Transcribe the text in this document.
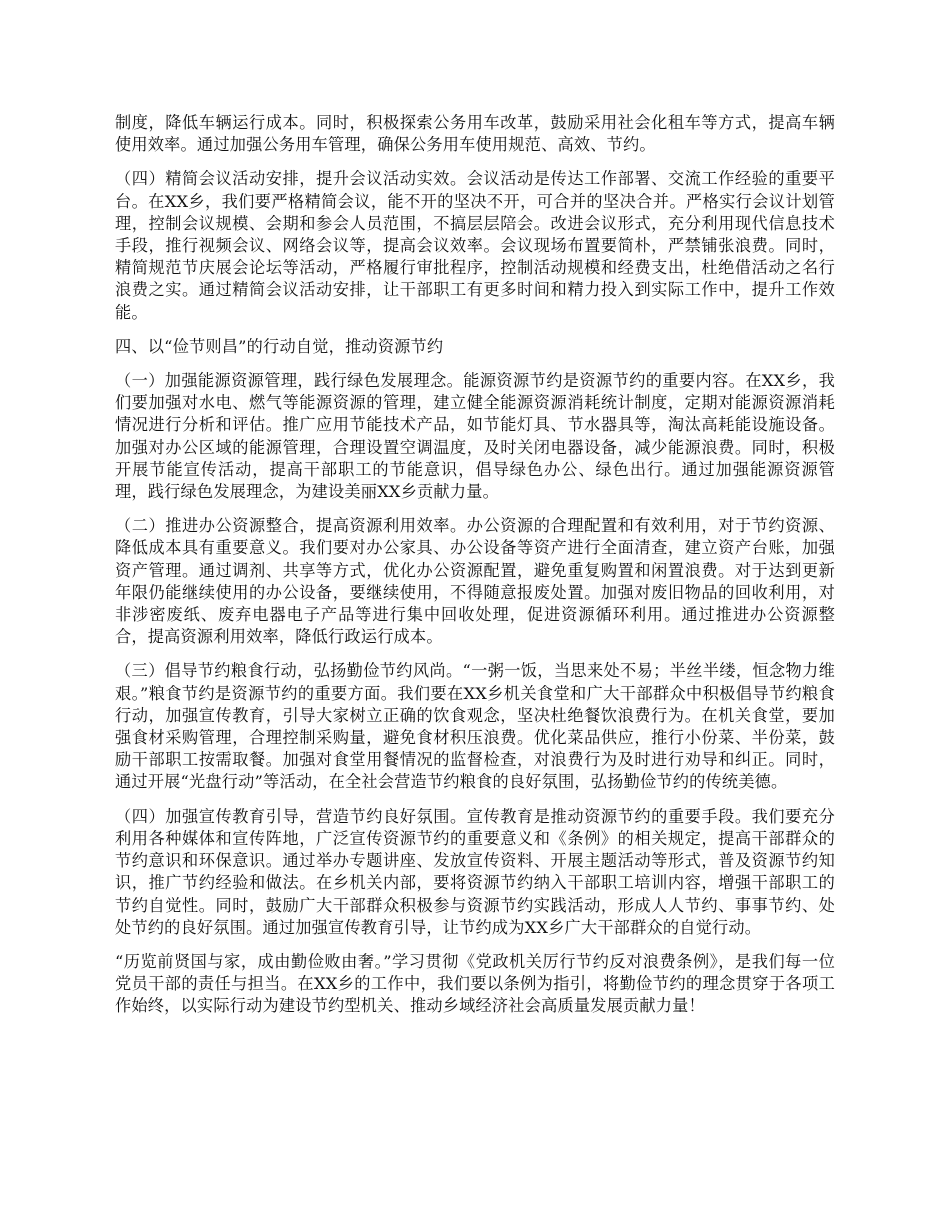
制度，降低车辆运行成本。同时，积极探索公务用车改革，鼓励采用社会化租车等方式，提高车辆使用效率。通过加强公务用车管理，确保公务用车使用规范、高效、节约。

（四）精简会议活动安排，提升会议活动实效。会议活动是传达工作部署、交流工作经验的重要平台。在XX乡，我们要严格精简会议，能不开的坚决不开，可合并的坚决合并。严格实行会议计划管理，控制会议规模、会期和参会人员范围，不搞层层陪会。改进会议形式，充分利用现代信息技术手段，推行视频会议、网络会议等，提高会议效率。会议现场布置要简朴，严禁铺张浪费。同时，精简规范节庆展会论坛等活动，严格履行审批程序，控制活动规模和经费支出，杜绝借活动之名行浪费之实。通过精简会议活动安排，让干部职工有更多时间和精力投入到实际工作中，提升工作效能。

四、以“俭节则昌”的行动自觉，推动资源节约

（一）加强能源资源管理，践行绿色发展理念。能源资源节约是资源节约的重要内容。在XX乡，我们要加强对水电、燃气等能源资源的管理，建立健全能源资源消耗统计制度，定期对能源资源消耗情况进行分析和评估。推广应用节能技术产品，如节能灯具、节水器具等，淘汰高耗能设施设备。加强对办公区域的能源管理，合理设置空调温度，及时关闭电器设备，减少能源浪费。同时，积极开展节能宣传活动，提高干部职工的节能意识，倡导绿色办公、绿色出行。通过加强能源资源管理，践行绿色发展理念，为建设美丽XX乡贡献力量。

（二）推进办公资源整合，提高资源利用效率。办公资源的合理配置和有效利用，对于节约资源、降低成本具有重要意义。我们要对办公家具、办公设备等资产进行全面清查，建立资产台账，加强资产管理。通过调剂、共享等方式，优化办公资源配置，避免重复购置和闲置浪费。对于达到更新年限仍能继续使用的办公设备，要继续使用，不得随意报废处置。加强对废旧物品的回收利用，对非涉密废纸、废弃电器电子产品等进行集中回收处理，促进资源循环利用。通过推进办公资源整合，提高资源利用效率，降低行政运行成本。

（三）倡导节约粮食行动，弘扬勤俭节约风尚。“一粥一饭，当思来处不易；半丝半缕，恒念物力维艰。”粮食节约是资源节约的重要方面。我们要在XX乡机关食堂和广大干部群众中积极倡导节约粮食行动，加强宣传教育，引导大家树立正确的饮食观念，坚决杜绝餐饮浪费行为。在机关食堂，要加强食材采购管理，合理控制采购量，避免食材积压浪费。优化菜品供应，推行小份菜、半份菜，鼓励干部职工按需取餐。加强对食堂用餐情况的监督检查，对浪费行为及时进行劝导和纠正。同时，通过开展“光盘行动”等活动，在全社会营造节约粮食的良好氛围，弘扬勤俭节约的传统美德。

（四）加强宣传教育引导，营造节约良好氛围。宣传教育是推动资源节约的重要手段。我们要充分利用各种媒体和宣传阵地，广泛宣传资源节约的重要意义和《条例》的相关规定，提高干部群众的节约意识和环保意识。通过举办专题讲座、发放宣传资料、开展主题活动等形式，普及资源节约知识，推广节约经验和做法。在乡机关内部，要将资源节约纳入干部职工培训内容，增强干部职工的节约自觉性。同时，鼓励广大干部群众积极参与资源节约实践活动，形成人人节约、事事节约、处处节约的良好氛围。通过加强宣传教育引导，让节约成为XX乡广大干部群众的自觉行动。

“历览前贤国与家，成由勤俭败由奢。”学习贯彻《党政机关厉行节约反对浪费条例》，是我们每一位党员干部的责任与担当。在XX乡的工作中，我们要以条例为指引，将勤俭节约的理念贯穿于各项工作始终，以实际行动为建设节约型机关、推动乡域经济社会高质量发展贡献力量！
